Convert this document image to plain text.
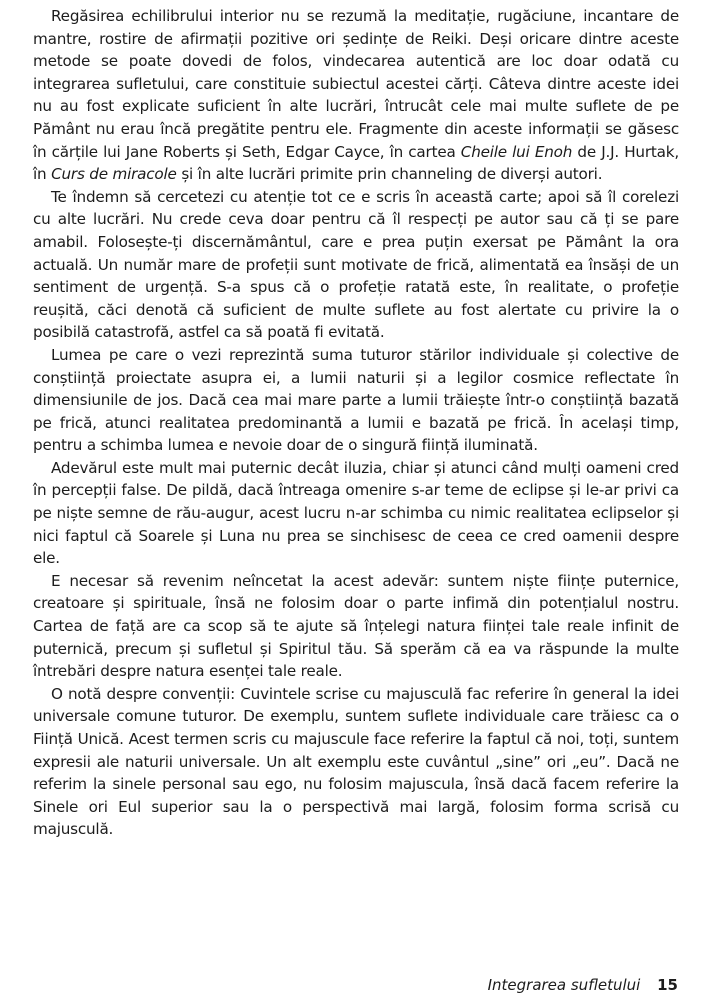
Regăsirea echilibrului interior nu se rezumă la meditație, rugăciune, incantare de mantre, rostire de afirmații pozitive ori ședințe de Reiki. Deși oricare dintre aceste metode se poate dovedi de folos, vindecarea autentică are loc doar odată cu integrarea sufletului, care constituie subiectul acestei cărți. Câteva dintre aceste idei nu au fost explicate suficient în alte lucrări, întrucât cele mai multe suflete de pe Pământ nu erau încă pregătite pentru ele. Fragmente din aceste informații se găsesc în cărțile lui Jane Roberts și Seth, Edgar Cayce, în cartea Cheile lui Enoh de J.J. Hurtak, în Curs de miracole și în alte lucrări primite prin channeling de diverși autori.

Te îndemn să cercetezi cu atenție tot ce e scris în această carte; apoi să îl corelezi cu alte lucrări. Nu crede ceva doar pentru că îl respecți pe autor sau că ți se pare amabil. Folosește-ți discernământul, care e prea puțin exersat pe Pământ la ora actuală. Un număr mare de profeții sunt motivate de frică, alimentată ea însăși de un sentiment de urgență. S-a spus că o profeție ratată este, în realitate, o profeție reușită, căci denotă că suficient de multe suflete au fost alertate cu privire la o posibilă catastrofă, astfel ca să poată fi evitată.

Lumea pe care o vezi reprezintă suma tuturor stărilor individuale și colective de conștiință proiectate asupra ei, a lumii naturii și a legilor cosmice reflectate în dimensiunile de jos. Dacă cea mai mare parte a lumii trăiește într-o conștiință bazată pe frică, atunci realitatea predominantă a lumii e bazată pe frică. În același timp, pentru a schimba lumea e nevoie doar de o singură ființă iluminată.

Adevărul este mult mai puternic decât iluzia, chiar și atunci când mulți oameni cred în percepții false. De pildă, dacă întreaga omenire s-ar teme de eclipse și le-ar privi ca pe niște semne de rău-augur, acest lucru n-ar schimba cu nimic realitatea eclipselor și nici faptul că Soarele și Luna nu prea se sinchisesc de ceea ce cred oamenii despre ele.

E necesar să revenim neîncetat la acest adevăr: suntem niște ființe puternice, creatoare și spirituale, însă ne folosim doar o parte infimă din potențialul nostru. Cartea de față are ca scop să te ajute să înțelegi natura ființei tale reale infinit de puternică, precum și sufletul și Spiritul tău. Să sperăm că ea va răspunde la multe întrebări despre natura esenței tale reale.

O notă despre convenții: Cuvintele scrise cu majusculă fac referire în general la idei universale comune tuturor. De exemplu, suntem suflete individuale care trăiesc ca o Ființă Unică. Acest termen scris cu majuscule face referire la faptul că noi, toți, suntem expresii ale naturii universale. Un alt exemplu este cuvântul „sine” ori „eu”. Dacă ne referim la sinele personal sau ego, nu folosim majuscula, însă dacă facem referire la Sinele ori Eul superior sau la o perspectivă mai largă, folosim forma scrisă cu majusculă.

Integrarea sufletului 15
